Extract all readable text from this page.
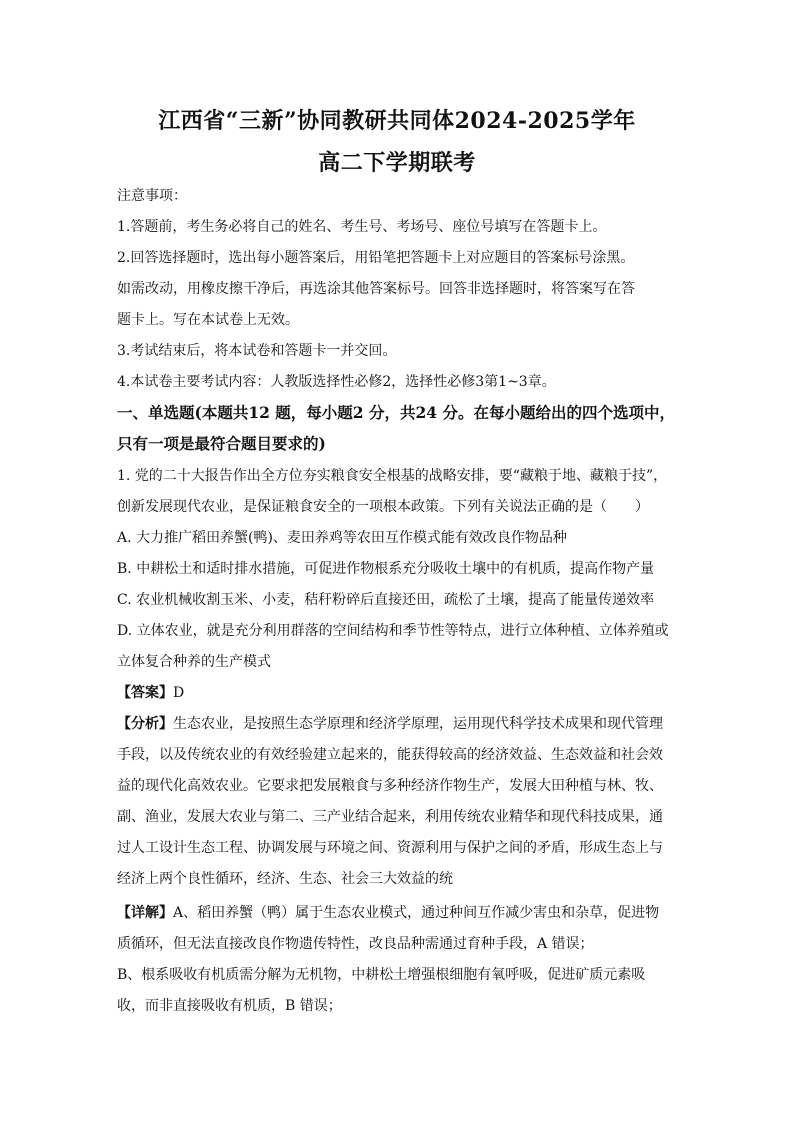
江西省“三新”协同教研共同体2024-2025学年
高二下学期联考
注意事项：
1.答题前，考生务必将自己的姓名、考生号、考场号、座位号填写在答题卡上。
2.回答选择题时，选出每小题答案后，用铅笔把答题卡上对应题目的答案标号涂黑。
如需改动，用橡皮擦干净后，再选涂其他答案标号。回答非选择题时，将答案写在答
题卡上。写在本试卷上无效。
3.考试结束后，将本试卷和答题卡一并交回。
4.本试卷主要考试内容：人教版选择性必修2，选择性必修3第1~3章。
一、单选题(本题共12 题，每小题2 分，共24 分。在每小题给出的四个选项中，
只有一项是最符合题目要求的)
1. 党的二十大报告作出全方位夯实粮食安全根基的战略安排，要“藏粮于地、藏粮于技”，
创新发展现代农业，是保证粮食安全的一项根本政策。下列有关说法正确的是（　　）
A. 大力推广稻田养蟹(鸭)、麦田养鸡等农田互作模式能有效改良作物品种
B. 中耕松土和适时排水措施，可促进作物根系充分吸收土壤中的有机质，提高作物产量
C. 农业机械收割玉米、小麦，秸秆粉碎后直接还田，疏松了土壤，提高了能量传递效率
D. 立体农业，就是充分利用群落的空间结构和季节性等特点，进行立体种植、立体养殖或
立体复合种养的生产模式
【答案】D
【分析】生态农业，是按照生态学原理和经济学原理，运用现代科学技术成果和现代管理
手段，以及传统农业的有效经验建立起来的，能获得较高的经济效益、生态效益和社会效
益的现代化高效农业。它要求把发展粮食与多种经济作物生产，发展大田种植与林、牧、
副、渔业，发展大农业与第二、三产业结合起来，利用传统农业精华和现代科技成果，通
过人工设计生态工程、协调发展与环境之间、资源利用与保护之间的矛盾，形成生态上与
经济上两个良性循环，经济、生态、社会三大效益的统
【详解】A、稻田养蟹（鸭）属于生态农业模式，通过种间互作减少害虫和杂草，促进物
质循环，但无法直接改良作物遗传特性，改良品种需通过育种手段，A 错误；
B、根系吸收有机质需分解为无机物，中耕松土增强根细胞有氧呼吸，促进矿质元素吸
收，而非直接吸收有机质，B 错误；
